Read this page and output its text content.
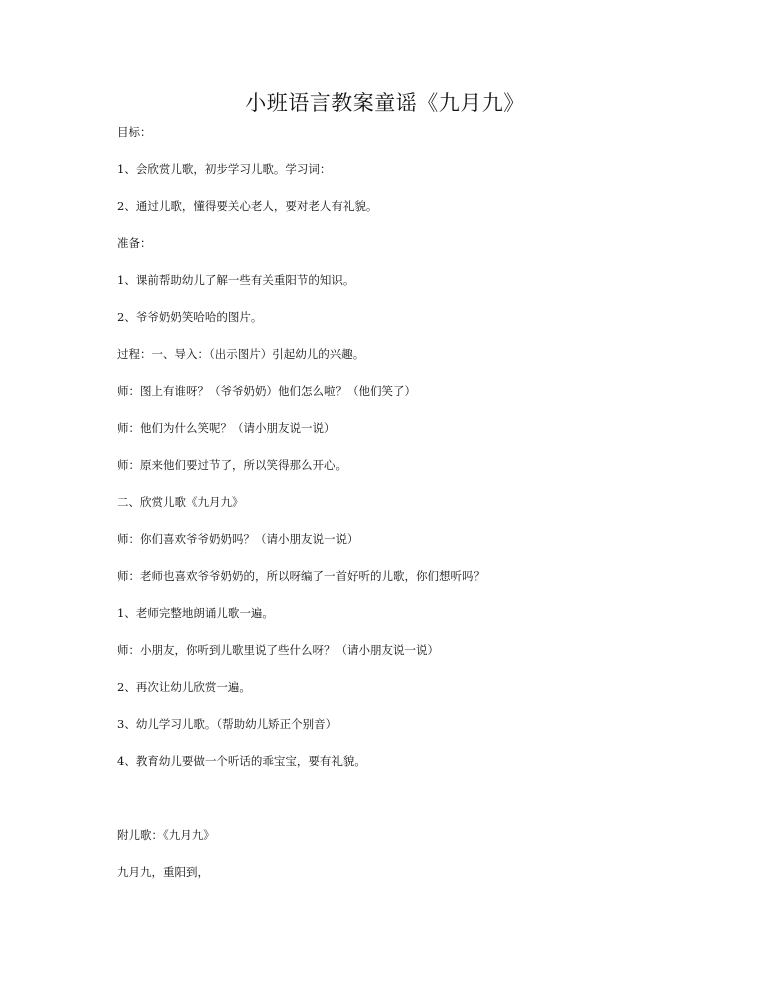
小班语言教案童谣《九月九》
目标：
1、会欣赏儿歌，初步学习儿歌。学习词：
2、通过儿歌，懂得要关心老人，要对老人有礼貌。
准备：
1、课前帮助幼儿了解一些有关重阳节的知识。
2、爷爷奶奶笑哈哈的图片。
过程：一、导入：（出示图片）引起幼儿的兴趣。
师：图上有谁呀？（爷爷奶奶）他们怎么啦？（他们笑了）
师：他们为什么笑呢？（请小朋友说一说）
师：原来他们要过节了，所以笑得那么开心。
二、欣赏儿歌《九月九》
师：你们喜欢爷爷奶奶吗？（请小朋友说一说）
师：老师也喜欢爷爷奶奶的，所以呀编了一首好听的儿歌，你们想听吗？
1、老师完整地朗诵儿歌一遍。
师：小朋友，你听到儿歌里说了些什么呀？（请小朋友说一说）
2、再次让幼儿欣赏一遍。
3、幼儿学习儿歌。（帮助幼儿矫正个别音）
4、教育幼儿要做一个听话的乖宝宝，要有礼貌。
附儿歌：《九月九》
九月九，重阳到，
